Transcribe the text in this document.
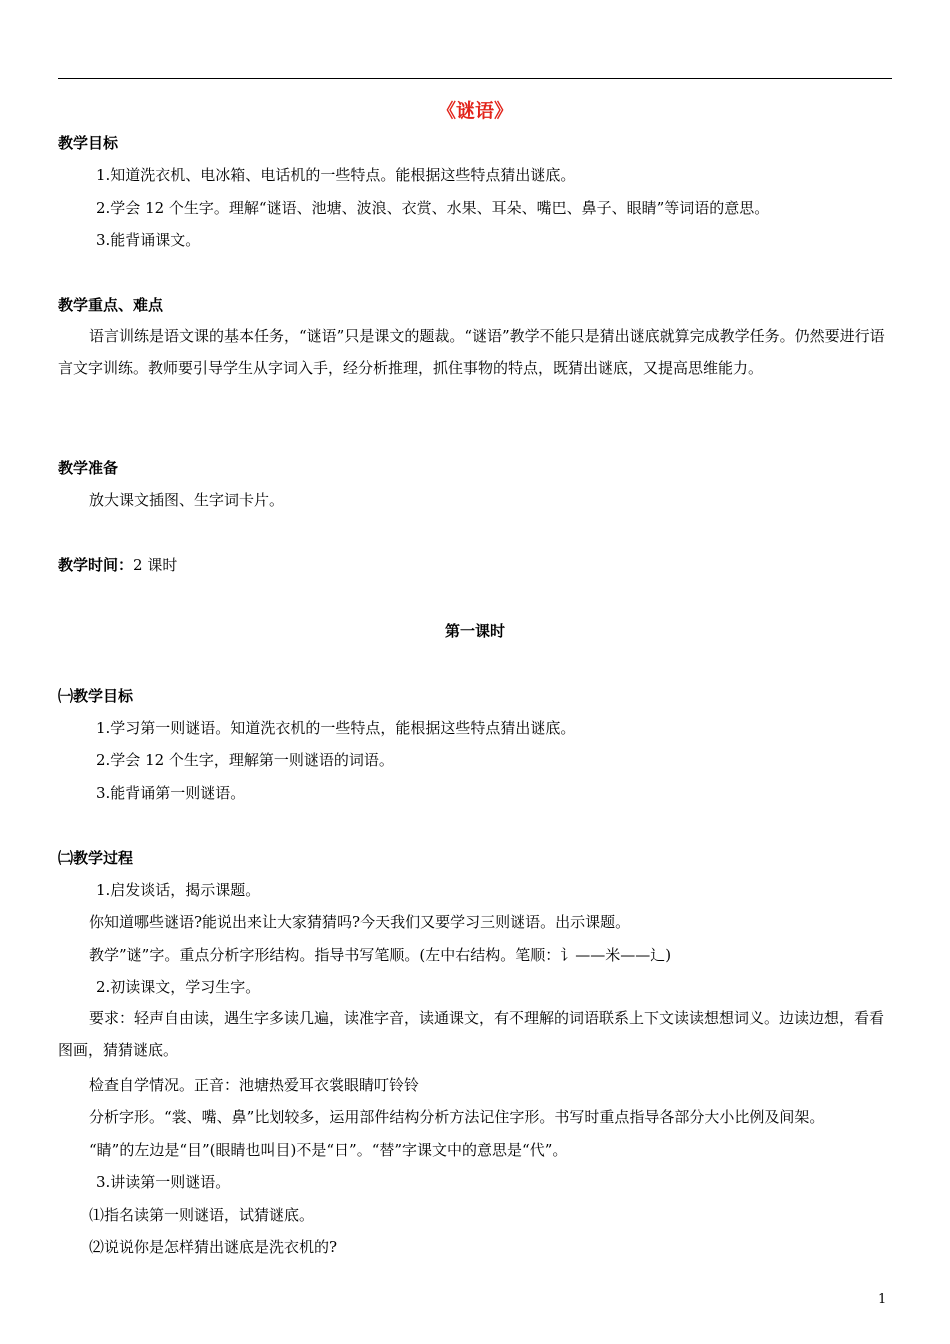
《谜语》

教学目标

1.知道洗衣机、电冰箱、电话机的一些特点。能根据这些特点猜出谜底。

2.学会 12 个生字。理解“谜语、池塘、波浪、衣赏、水果、耳朵、嘴巴、鼻子、眼睛”等词语的意思。

3.能背诵课文。

教学重点、难点

语言训练是语文课的基本任务，“谜语”只是课文的题裁。“谜语”教学不能只是猜出谜底就算完成教学任务。仍然要进行语言文字训练。教师要引导学生从字词入手，经分析推理，抓住事物的特点，既猜出谜底，又提高思维能力。

教学准备

放大课文插图、生字词卡片。

教学时间：2 课时

第一课时

㈠教学目标

1.学习第一则谜语。知道洗衣机的一些特点，能根据这些特点猜出谜底。

2.学会 12 个生字，理解第一则谜语的词语。

3.能背诵第一则谜语。

㈡教学过程

1.启发谈话，揭示课题。

你知道哪些谜语?能说出来让大家猜猜吗?今天我们又要学习三则谜语。出示课题。

教学”谜”字。重点分析字形结构。指导书写笔顺。(左中右结构。笔顺：讠——米——辶)

2.初读课文，学习生字。

要求：轻声自由读，遇生字多读几遍，读准字音，读通课文，有不理解的词语联系上下文读读想想词义。边读边想，看看图画，猜猜谜底。

检查自学情况。正音：池塘热爱耳衣裳眼睛叮铃铃

分析字形。“裳、嘴、鼻”比划较多，运用部件结构分析方法记住字形。书写时重点指导各部分大小比例及间架。

“睛”的左边是“目”(眼睛也叫目)不是“日”。“替”字课文中的意思是“代”。

3.讲读第一则谜语。

⑴指名读第一则谜语，试猜谜底。

⑵说说你是怎样猜出谜底是洗衣机的?

1
